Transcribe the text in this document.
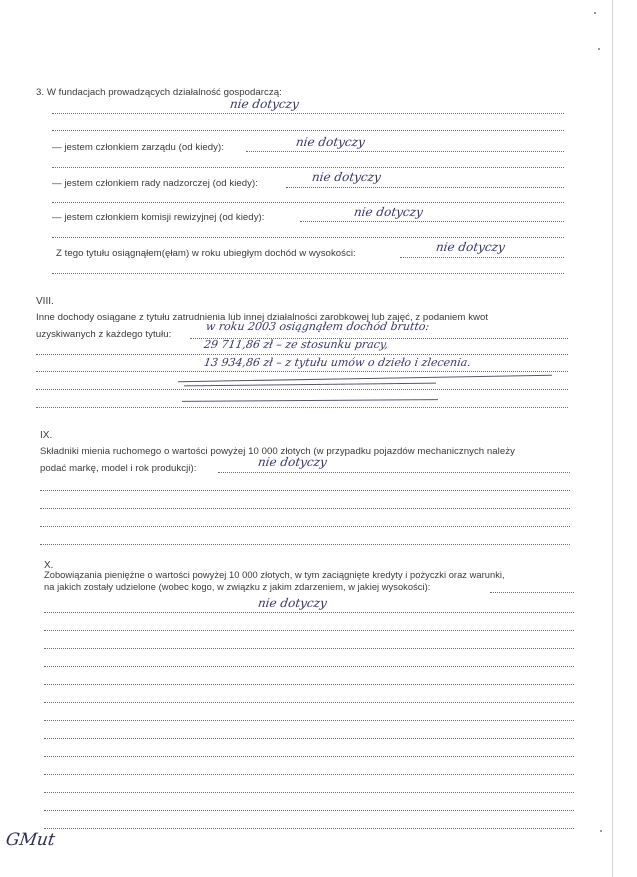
3. W fundacjach prowadzących działalność gospodarczą:
nie dotyczy
— jestem członkiem zarządu (od kiedy):	nie dotyczy
— jestem członkiem rady nadzorczej (od kiedy):	nie dotyczy
— jestem członkiem komisji rewizyjnej (od kiedy):	nie dotyczy
Z tego tytułu osiągnąłem(ęłam) w roku ubiegłym dochód w wysokości:	nie dotyczy
VIII.
Inne dochody osiągane z tytułu zatrudnienia lub innej działalności zarobkowej lub zajęć, z podaniem kwot
uzyskiwanych z każdego tytułu:
w roku 2003 osiągnąłem dochód brutto:
29 711,86 zł – ze stosunku pracy,
13 934,86 zł – z tytułu umów o dzieło i zlecenia.
IX.
Składniki mienia ruchomego o wartości powyżej 10 000 złotych (w przypadku pojazdów mechanicznych należy
podać markę, model i rok produkcji):	nie dotyczy
X.
Zobowiązania pieniężne o wartości powyżej 10 000 złotych, w tym zaciągnięte kredyty i pożyczki oraz warunki,
na jakich zostały udzielone (wobec kogo, w związku z jakim zdarzeniem, w jakiej wysokości):
nie dotyczy
GMut
